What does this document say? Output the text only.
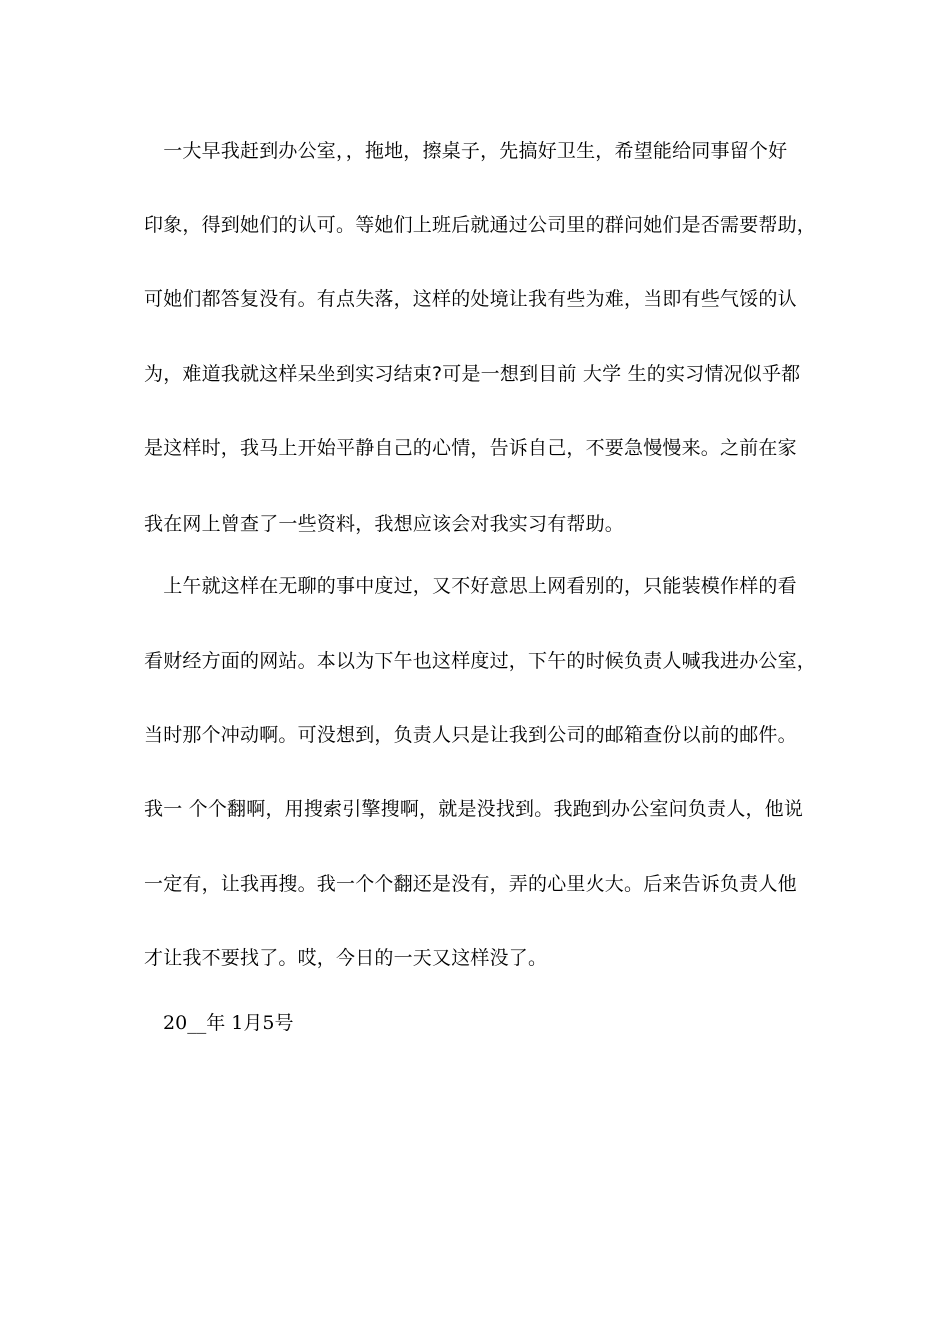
　一大早我赶到办公室，，拖地，擦桌子，先搞好卫生，希望能给同事留个好
印象，得到她们的认可。等她们上班后就通过公司里的群问她们是否需要帮助，
可她们都答复没有。有点失落，这样的处境让我有些为难，当即有些气馁的认
为，难道我就这样呆坐到实习结束?可是一想到目前 大学 生的实习情况似乎都
是这样时，我马上开始平静自己的心情，告诉自己，不要急慢慢来。之前在家
我在网上曾查了一些资料，我想应该会对我实习有帮助。
　上午就这样在无聊的事中度过，又不好意思上网看别的，只能装模作样的看
看财经方面的网站。本以为下午也这样度过，下午的时候负责人喊我进办公室，
当时那个冲动啊。可没想到，负责人只是让我到公司的邮箱查份以前的邮件。
我一 个个翻啊，用搜索引擎搜啊，就是没找到。我跑到办公室问负责人，他说
一定有，让我再搜。我一个个翻还是没有，弄的心里火大。后来告诉负责人他
才让我不要找了。哎，今日的一天又这样没了。
20__年 1月5号
